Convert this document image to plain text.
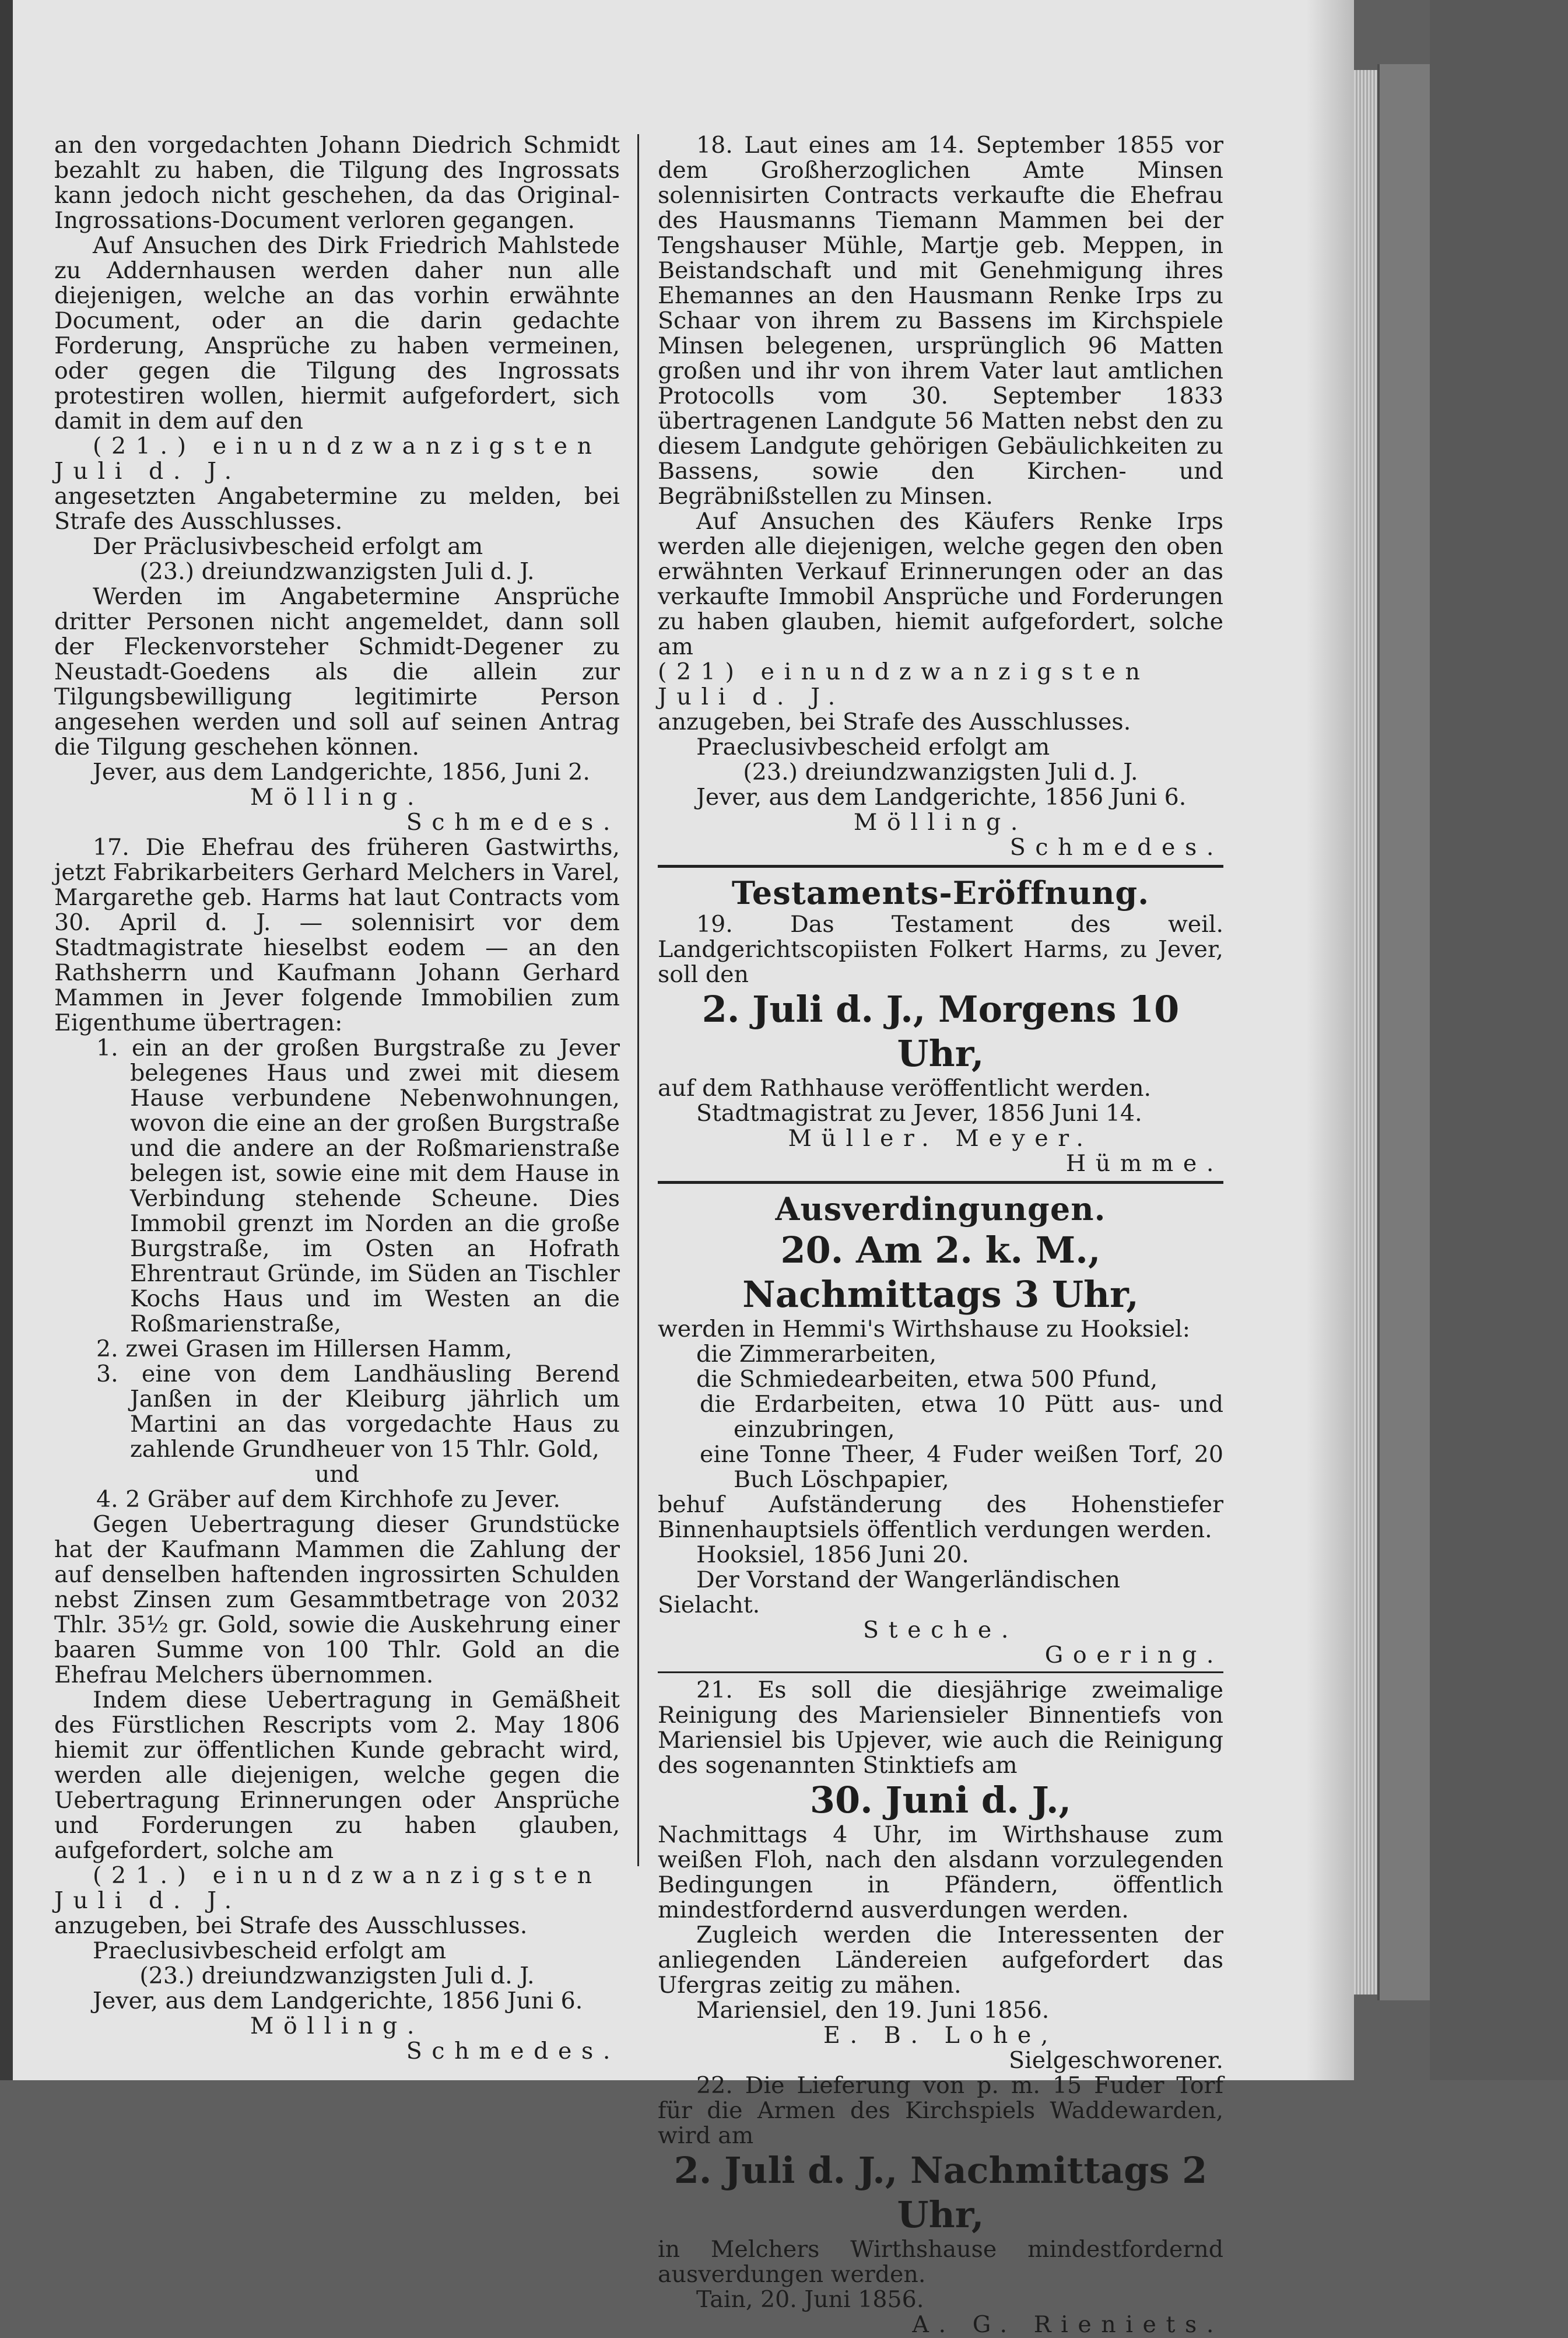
an den vorgedachten Johann Diedrich Schmidt bezahlt zu haben, die Tilgung des Ingrossats kann jedoch nicht geschehen, da das Original-Ingrossations-Document verloren gegangen.

Auf Ansuchen des Dirk Friedrich Mahlstede zu Addernhausen werden daher nun alle diejenigen, welche an das vorhin erwähnte Document, oder an die darin gedachte Forderung, Ansprüche zu haben vermeinen, oder gegen die Tilgung des Ingrossats protestiren wollen, hiermit aufgefordert, sich damit in dem auf den

(21.) einundzwanzigsten Juli d. J.

angesetzten Angabetermine zu melden, bei Strafe des Ausschlusses.

Der Präclusivbescheid erfolgt am

(23.) dreiundzwanzigsten Juli d. J.

Werden im Angabetermine Ansprüche dritter Personen nicht angemeldet, dann soll der Fleckenvorsteher Schmidt-Degener zu Neustadt-Goedens als die allein zur Tilgungsbewilligung legitimirte Person angesehen werden und soll auf seinen Antrag die Tilgung geschehen können.

Jever, aus dem Landgerichte, 1856, Juni 2.

Mölling.

Schmedes.

17. Die Ehefrau des früheren Gastwirths, jetzt Fabrikarbeiters Gerhard Melchers in Varel, Margarethe geb. Harms hat laut Contracts vom 30. April d. J. — solennisirt vor dem Stadtmagistrate hieselbst eodem — an den Rathsherrn und Kaufmann Johann Gerhard Mammen in Jever folgende Immobilien zum Eigenthume übertragen:

1. ein an der großen Burgstraße zu Jever belegenes Haus und zwei mit diesem Hause verbundene Nebenwohnungen, wovon die eine an der großen Burgstraße und die andere an der Roßmarienstraße belegen ist, sowie eine mit dem Hause in Verbindung stehende Scheune. Dies Immobil grenzt im Norden an die große Burgstraße, im Osten an Hofrath Ehrentraut Gründe, im Süden an Tischler Kochs Haus und im Westen an die Roßmarienstraße,

2. zwei Grasen im Hillersen Hamm,

3. eine von dem Landhäusling Berend Janßen in der Kleiburg jährlich um Martini an das vorgedachte Haus zu zahlende Grundheuer von 15 Thlr. Gold,

und

4. 2 Gräber auf dem Kirchhofe zu Jever.

Gegen Uebertragung dieser Grundstücke hat der Kaufmann Mammen die Zahlung der auf denselben haftenden ingrossirten Schulden nebst Zinsen zum Gesammtbetrage von 2032 Thlr. 35½ gr. Gold, sowie die Auskehrung einer baaren Summe von 100 Thlr. Gold an die Ehefrau Melchers übernommen.

Indem diese Uebertragung in Gemäßheit des Fürstlichen Rescripts vom 2. May 1806 hiemit zur öffentlichen Kunde gebracht wird, werden alle diejenigen, welche gegen die Uebertragung Erinnerungen oder Ansprüche und Forderungen zu haben glauben, aufgefordert, solche am

(21.) einundzwanzigsten Juli d. J.

anzugeben, bei Strafe des Ausschlusses.

Praeclusivbescheid erfolgt am

(23.) dreiundzwanzigsten Juli d. J.

Jever, aus dem Landgerichte, 1856 Juni 6.

Mölling.

Schmedes.

18. Laut eines am 14. September 1855 vor dem Großherzoglichen Amte Minsen solennisirten Contracts verkaufte die Ehefrau des Hausmanns Tiemann Mammen bei der Tengshauser Mühle, Martje geb. Meppen, in Beistandschaft und mit Genehmigung ihres Ehemannes an den Hausmann Renke Irps zu Schaar von ihrem zu Bassens im Kirchspiele Minsen belegenen, ursprünglich 96 Matten großen und ihr von ihrem Vater laut amtlichen Protocolls vom 30. September 1833 übertragenen Landgute 56 Matten nebst den zu diesem Landgute gehörigen Gebäulichkeiten zu Bassens, sowie den Kirchen- und Begräbnißstellen zu Minsen.

Auf Ansuchen des Käufers Renke Irps werden alle diejenigen, welche gegen den oben erwähnten Verkauf Erinnerungen oder an das verkaufte Immobil Ansprüche und Forderungen zu haben glauben, hiemit aufgefordert, solche am

(21) einundzwanzigsten Juli d. J.

anzugeben, bei Strafe des Ausschlusses.

Praeclusivbescheid erfolgt am

(23.) dreiundzwanzigsten Juli d. J.

Jever, aus dem Landgerichte, 1856 Juni 6.

Mölling.

Schmedes.

Testaments-Eröffnung.

19. Das Testament des weil. Landgerichtscopiisten Folkert Harms, zu Jever, soll den

2. Juli d. J., Morgens 10 Uhr,

auf dem Rathhause veröffentlicht werden.

Stadtmagistrat zu Jever, 1856 Juni 14.

Müller. Meyer.

Hümme.

Ausverdingungen.

20. Am 2. k. M., Nachmittags 3 Uhr,

werden in Hemmi's Wirthshause zu Hooksiel:

die Zimmerarbeiten,

die Schmiedearbeiten, etwa 500 Pfund,

die Erdarbeiten, etwa 10 Pütt aus- und einzubringen,

eine Tonne Theer, 4 Fuder weißen Torf, 20 Buch Löschpapier,

behuf Aufständerung des Hohenstiefer Binnenhauptsiels öffentlich verdungen werden.

Hooksiel, 1856 Juni 20.

Der Vorstand der Wangerländischen Sielacht.

Steche.

Goering.

21. Es soll die diesjährige zweimalige Reinigung des Mariensieler Binnentiefs von Mariensiel bis Upjever, wie auch die Reinigung des sogenannten Stinktiefs am

30. Juni d. J.,

Nachmittags 4 Uhr, im Wirthshause zum weißen Floh, nach den alsdann vorzulegenden Bedingungen in Pfändern, öffentlich mindestfordernd ausverdungen werden.

Zugleich werden die Interessenten der anliegenden Ländereien aufgefordert das Ufergras zeitig zu mähen.

Mariensiel, den 19. Juni 1856.

E. B. Lohe,

Sielgeschworener.

22. Die Lieferung von p. m. 15 Fuder Torf für die Armen des Kirchspiels Waddewarden, wird am

2. Juli d. J., Nachmittags 2 Uhr,

in Melchers Wirthshause mindestfordernd ausverdungen werden.

Tain, 20. Juni 1856.

A. G. Rieniets.
